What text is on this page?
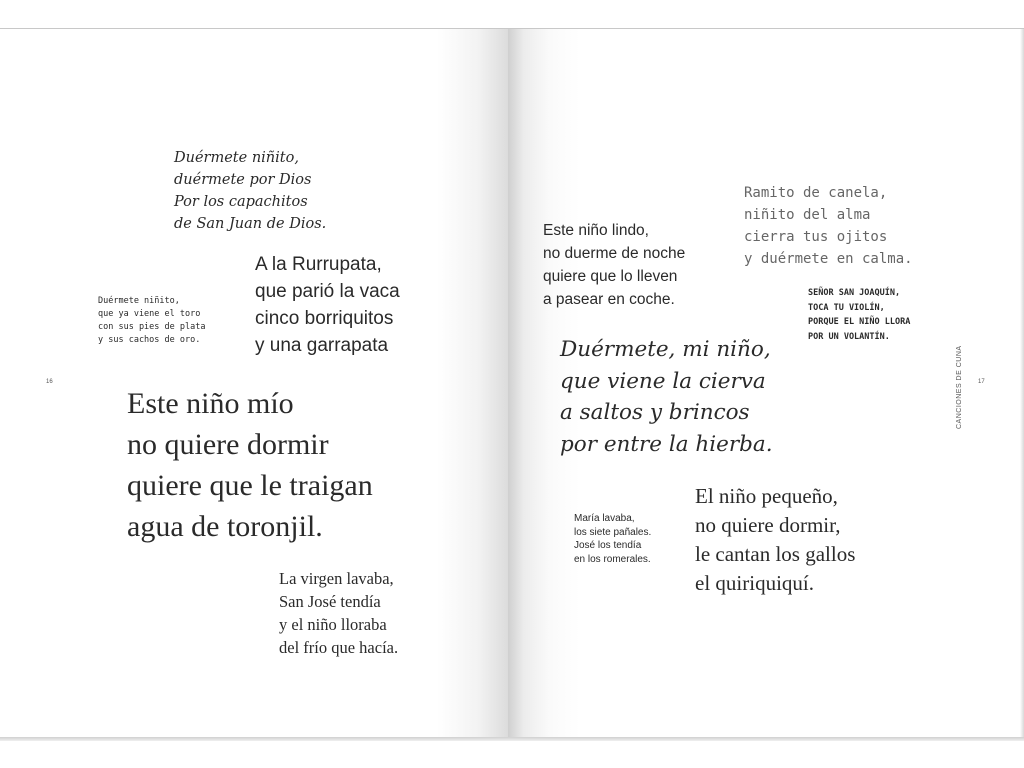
Duérmete niñito,
duérmete por Dios
Por los capachitos
de San Juan de Dios.

A la Rurrupata,
que parió la vaca
cinco borriquitos
y una garrapata

Duérmete niñito,
que ya viene el toro
con sus pies de plata
y sus cachos de oro.

16

Este niño mío
no quiere dormir
quiere que le traigan
agua de toronjil.

La virgen lavaba,
San José tendía
y el niño lloraba
del frío que hacía.

Este niño lindo,
no duerme de noche
quiere que lo lleven
a pasear en coche.

Ramito de canela,
niñito del alma
cierra tus ojitos
y duérmete en calma.

SEÑOR SAN JOAQUÍN,
TOCA TU VIOLÍN,
PORQUE EL NIÑO LLORA
POR UN VOLANTÍN.

Duérmete, mi niño,
que viene la cierva
a saltos y brincos
por entre la hierba.

CANCIONES DE CUNA	17

María lavaba,
los siete pañales.
José los tendía
en los romerales.

El niño pequeño,
no quiere dormir,
le cantan los gallos
el quiriquiquí.
